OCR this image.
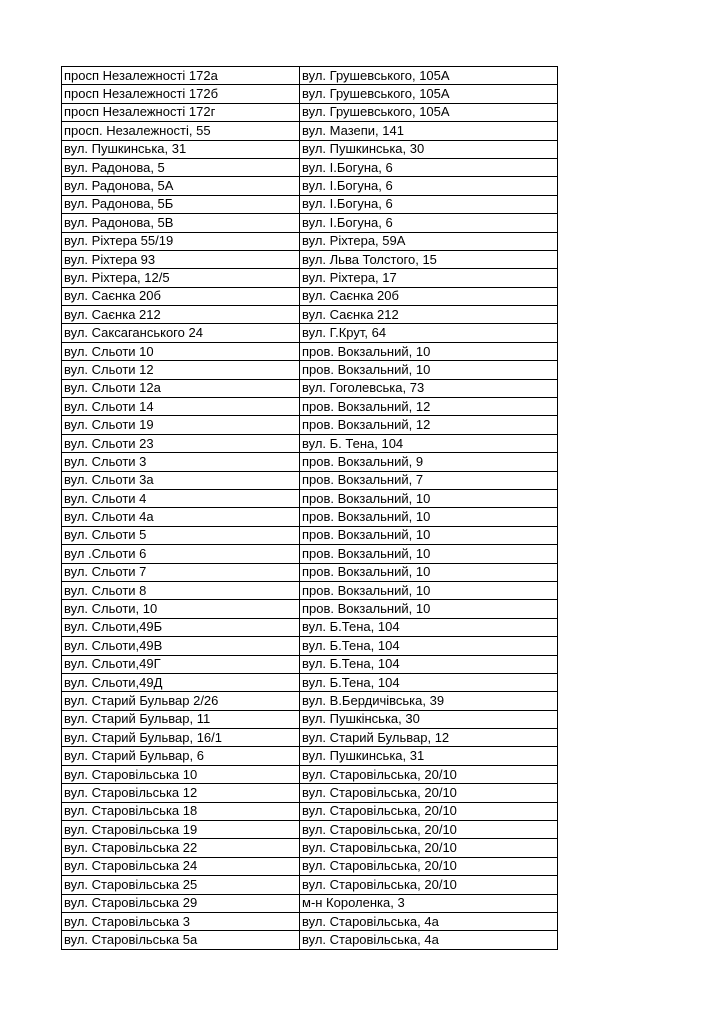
просп Незалежності 172а	вул. Грушевського, 105А
просп Незалежності 172б	вул. Грушевського, 105А
просп Незалежності 172г	вул. Грушевського, 105А
просп. Незалежності, 55	вул. Мазепи, 141
вул. Пушкинська, 31	вул. Пушкинська, 30
вул. Радонова, 5	вул. І.Богуна, 6
вул. Радонова, 5А	вул. І.Богуна, 6
вул. Радонова, 5Б	вул. І.Богуна, 6
вул. Радонова, 5В	вул. І.Богуна, 6
вул. Ріхтера 55/19	вул. Ріхтера, 59А
вул. Ріхтера 93	вул. Льва Толстого, 15
вул. Ріхтера, 12/5	вул. Ріхтера, 17
вул. Саєнка 20б	вул. Саєнка 20б
вул. Саєнка 212	вул. Саєнка 212
вул. Саксаганського 24	вул. Г.Крут, 64
вул. Сльоти 10	пров. Вокзальний, 10
вул. Сльоти 12	пров. Вокзальний, 10
вул. Сльоти 12а	вул. Гоголевська, 73
вул. Сльоти 14	пров. Вокзальний, 12
вул. Сльоти 19	пров. Вокзальний, 12
вул. Сльоти 23	вул. Б. Тена, 104
вул. Сльоти 3	пров. Вокзальний, 9
вул. Сльоти 3а	пров. Вокзальний, 7
вул. Сльоти 4	пров. Вокзальний, 10
вул. Сльоти 4а	пров. Вокзальний, 10
вул. Сльоти 5	пров. Вокзальний, 10
вул .Сльоти 6	пров. Вокзальний, 10
вул. Сльоти 7	пров. Вокзальний, 10
вул. Сльоти 8	пров. Вокзальний, 10
вул. Сльоти, 10	пров. Вокзальний, 10
вул. Сльоти,49Б	вул. Б.Тена, 104
вул. Сльоти,49В	вул. Б.Тена, 104
вул. Сльоти,49Г	вул. Б.Тена, 104
вул. Сльоти,49Д	вул. Б.Тена, 104
вул. Старий Бульвар 2/26	вул. В.Бердичівська, 39
вул. Старий Бульвар, 11	вул. Пушкінська, 30
вул. Старий Бульвар, 16/1	вул. Старий Бульвар, 12
вул. Старий Бульвар, 6	вул. Пушкинська, 31
вул. Старовільська 10	вул. Старовільська, 20/10
вул. Старовільська 12	вул. Старовільська, 20/10
вул. Старовільська 18	вул. Старовільська, 20/10
вул. Старовільська 19	вул. Старовільська, 20/10
вул. Старовільська 22	вул. Старовільська, 20/10
вул. Старовільська 24	вул. Старовільська, 20/10
вул. Старовільська 25	вул. Старовільська, 20/10
вул. Старовільська 29	м-н Короленка, 3
вул. Старовільська 3	вул. Старовільська, 4а
вул. Старовільська 5а	вул. Старовільська, 4а
